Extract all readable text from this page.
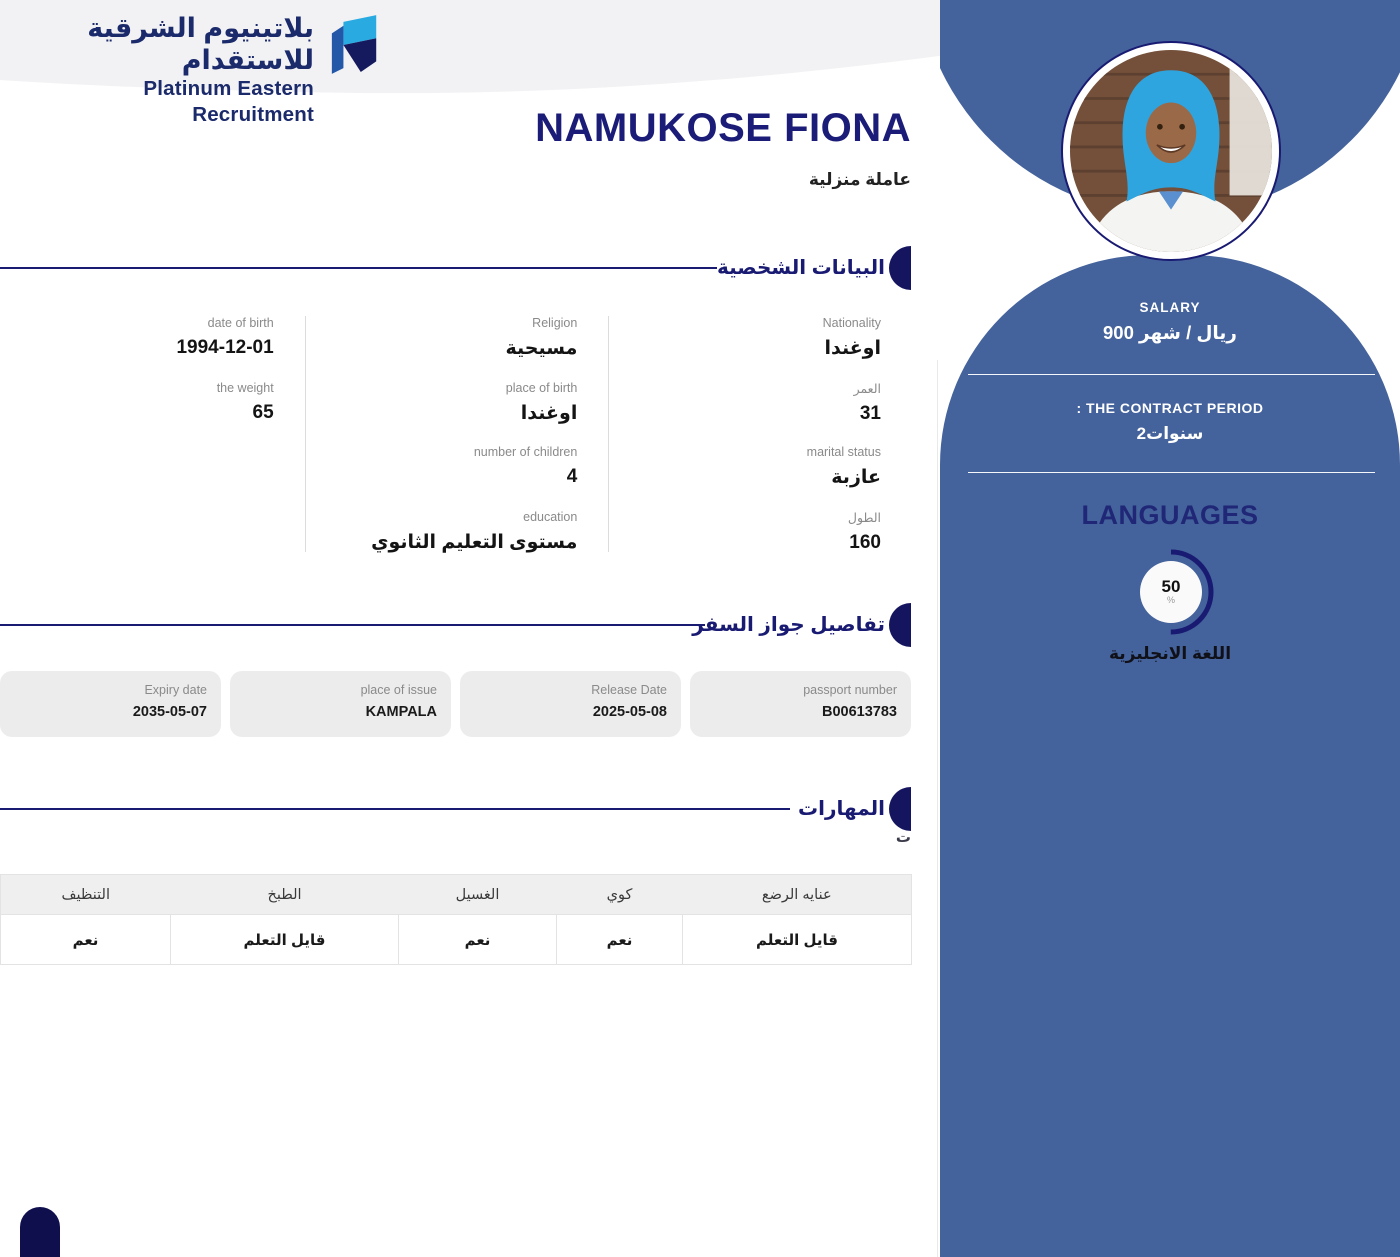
بلاتينيوم الشرقية للاستقدام
Platinum Eastern Recruitment	NAMUKOSE FIONA
عاملة منزلية
البيانات الشخصية
Nationality
اوغندا
Religion
مسيحية
date of birth
1994-12-01
العمر
31
place of birth
اوغندا
the weight
65
marital status
عازبة
number of children
4
الطول
160
education
مستوى التعليم الثانوي
تفاصيل جواز السفر
passport number
B00613783
Release Date
2025-05-08
place of issue
KAMPALA
Expiry date
2035-05-07
المهارات
ت
عنايه الرضع	كوي	الغسيل	الطبخ	التنظيف
قايل التعلم	نعم	نعم	قايل التعلم	نعم
SALARY
900 ريال / شهر
: THE CONTRACT PERIOD
2سنوات
LANGUAGES
50
%
اللغة الانجليزية
